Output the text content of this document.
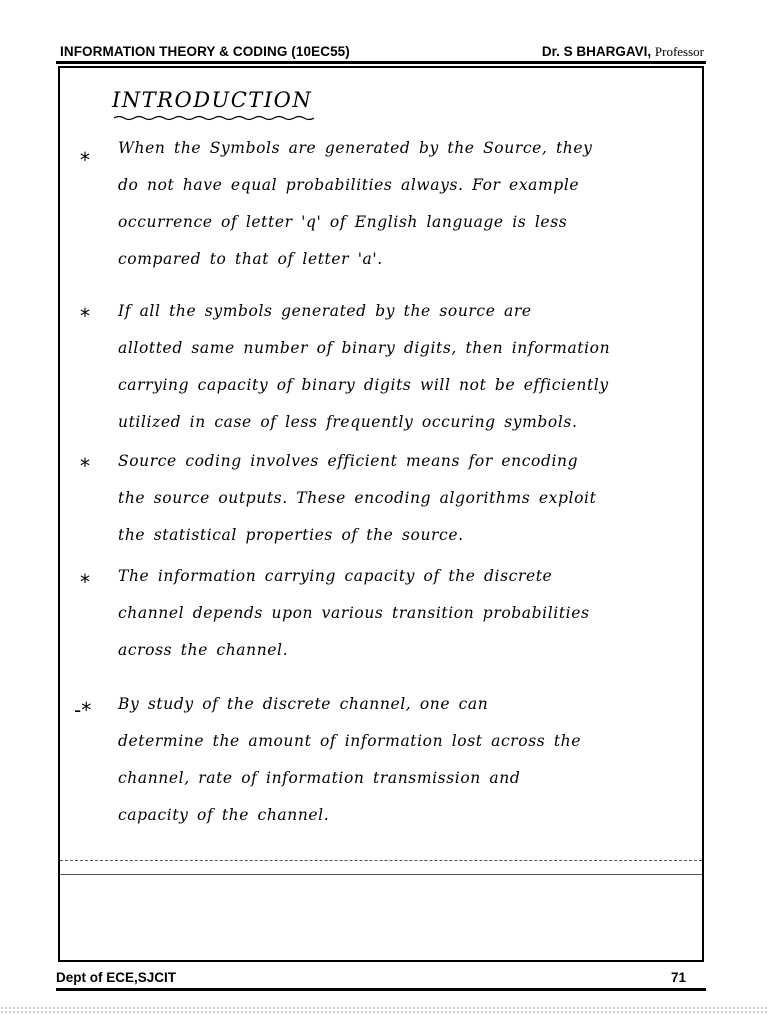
INFORMATION THEORY & CODING (10EC55)	Dr. S BHARGAVI, Professor
INTRODUCTION
* When the Symbols are generated by the Source, they
do not have equal probabilities always. For example
occurrence of letter 'q' of English language is less
compared to that of letter 'a'.

* If all the symbols generated by the source are
allotted same number of binary digits, then information
carrying capacity of binary digits will not be efficiently
utilized in case of less frequently occuring symbols.

* Source coding involves efficient means for encoding
the source outputs. These encoding algorithms exploit
the statistical properties of the source.

* The information carrying capacity of the discrete
channel depends upon various transition probabilities
across the channel.

-* By study of the discrete channel, one can
determine the amount of information lost across the
channel, rate of information transmission and
capacity of the channel.

Dept of ECE,SJCIT	71
